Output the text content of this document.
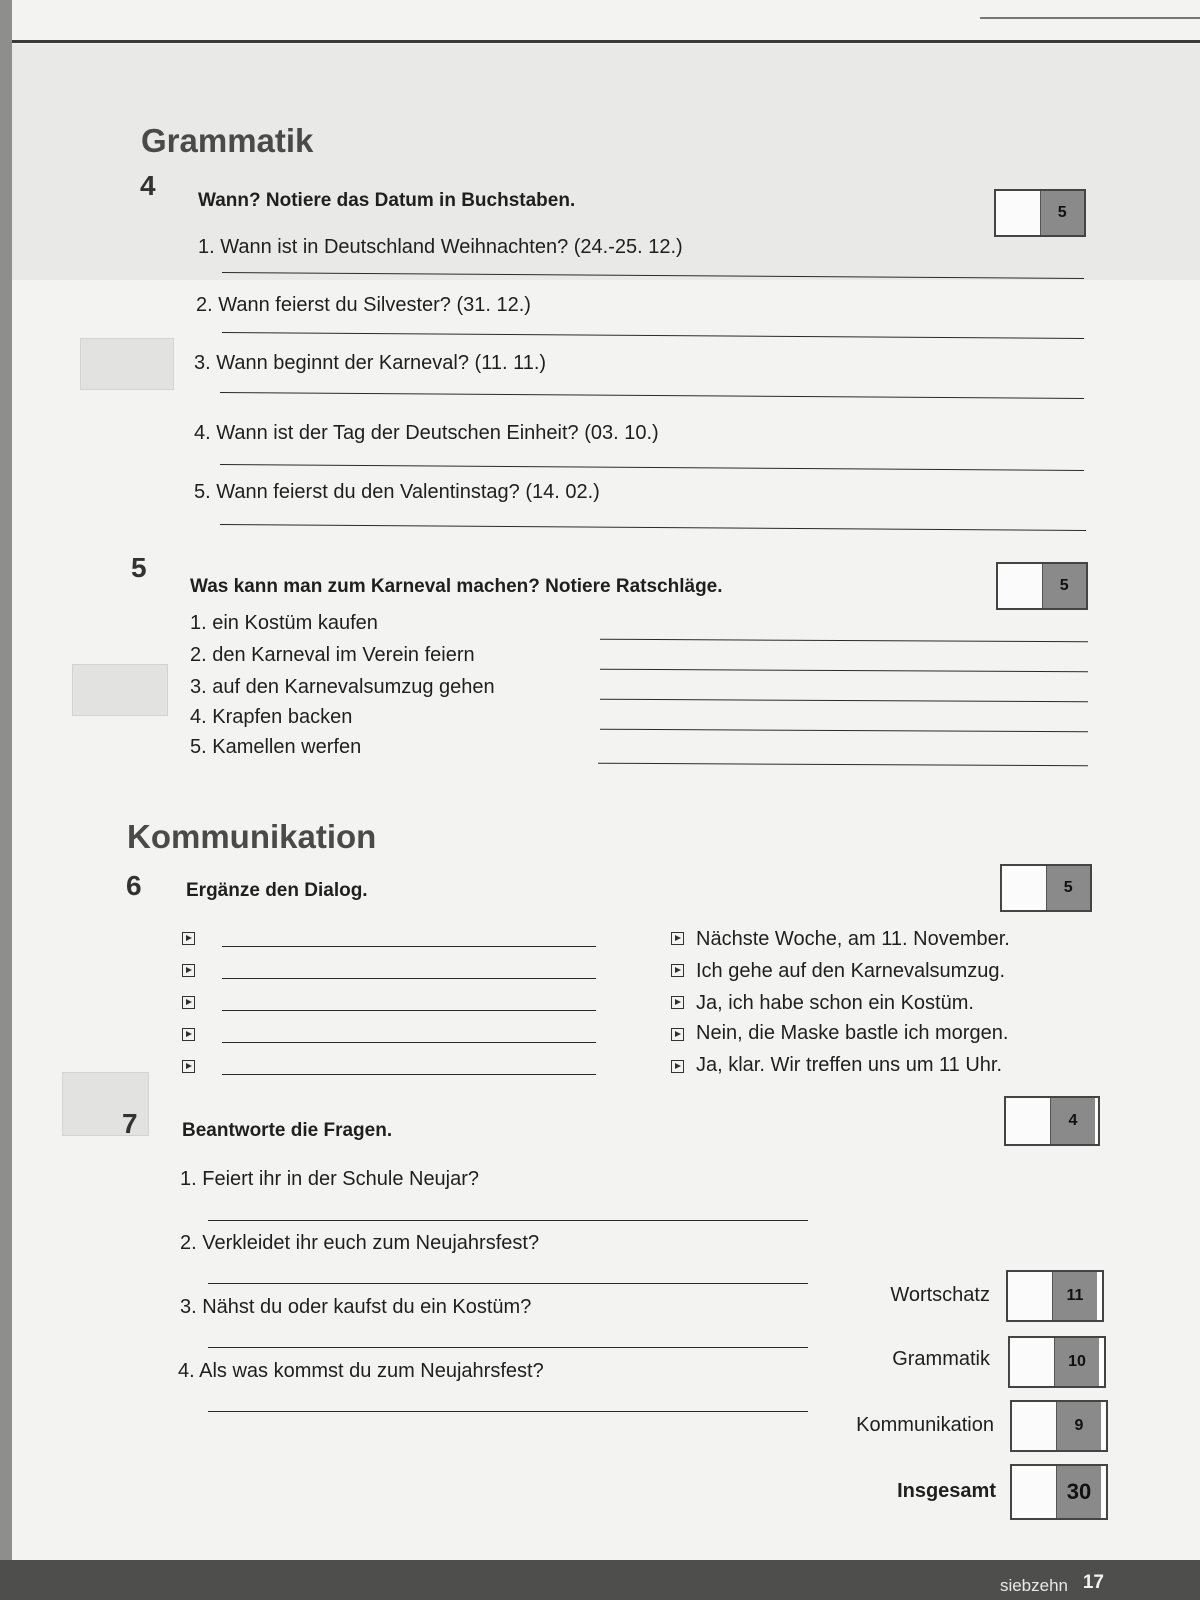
Grammatik
4 Wann? Notiere das Datum in Buchstaben.
5
1. Wann ist in Deutschland Weihnachten? (24.-25. 12.)
2. Wann feierst du Silvester? (31. 12.)
3. Wann beginnt der Karneval? (11. 11.)
4. Wann ist der Tag der Deutschen Einheit? (03. 10.)
5. Wann feierst du den Valentinstag? (14. 02.)
5
Was kann man zum Karneval machen? Notiere Ratschläge.	5
1. ein Kostüm kaufen
2. den Karneval im Verein feiern
3. auf den Karnevalsumzug gehen
4. Krapfen backen
5. Kamellen werfen
Kommunikation
6 Ergänze den Dialog.	5
Nächste Woche, am 11. November.
Ich gehe auf den Karnevalsumzug.
Ja, ich habe schon ein Kostüm.
Nein, die Maske bastle ich morgen.
Ja, klar. Wir treffen uns um 11 Uhr.
7 Beantworte die Fragen.	4
1. Feiert ihr in der Schule Neujar?
2. Verkleidet ihr euch zum Neujahrsfest?
3. Nähst du oder kaufst du ein Kostüm?
4. Als was kommst du zum Neujahrsfest?
Wortschatz	11
Grammatik	10
Kommunikation	9
Insgesamt	30
siebzehn 17
